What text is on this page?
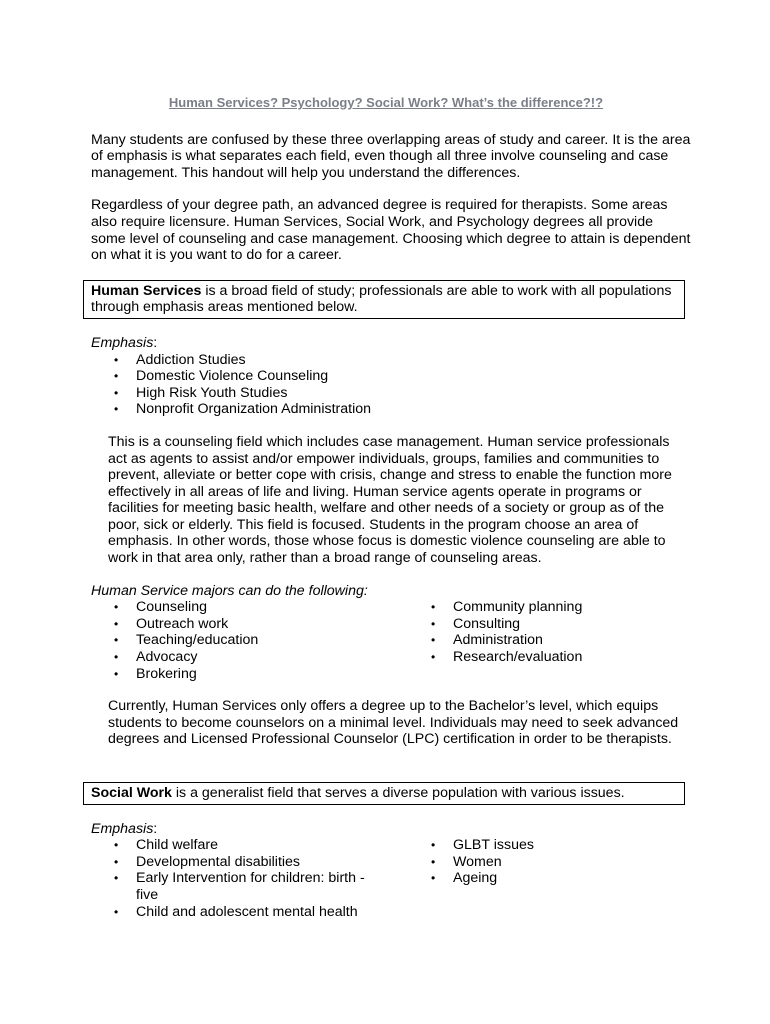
Human Services? Psychology? Social Work? What’s the difference?!?

Many students are confused by these three overlapping areas of study and career. It is the area of emphasis is what separates each field, even though all three involve counseling and case management. This handout will help you understand the differences.

Regardless of your degree path, an advanced degree is required for therapists. Some areas also require licensure. Human Services, Social Work, and Psychology degrees all provide some level of counseling and case management. Choosing which degree to attain is dependent on what it is you want to do for a career.

Human Services is a broad field of study; professionals are able to work with all populations through emphasis areas mentioned below.

Emphasis:

• Addiction Studies
• Domestic Violence Counseling
• High Risk Youth Studies
• Nonprofit Organization Administration

This is a counseling field which includes case management. Human service professionals act as agents to assist and/or empower individuals, groups, families and communities to prevent, alleviate or better cope with crisis, change and stress to enable the function more effectively in all areas of life and living. Human service agents operate in programs or facilities for meeting basic health, welfare and other needs of a society or group as of the poor, sick or elderly. This field is focused. Students in the program choose an area of emphasis. In other words, those whose focus is domestic violence counseling are able to work in that area only, rather than a broad range of counseling areas.

Human Service majors can do the following:

• Counseling
• Outreach work
• Teaching/education
• Advocacy
• Brokering
• Community planning
• Consulting
• Administration
• Research/evaluation

Currently, Human Services only offers a degree up to the Bachelor’s level, which equips students to become counselors on a minimal level. Individuals may need to seek advanced degrees and Licensed Professional Counselor (LPC) certification in order to be therapists.

Social Work is a generalist field that serves a diverse population with various issues.

Emphasis:

• Child welfare
• Developmental disabilities
• Early Intervention for children: birth - five
• Child and adolescent mental health
• GLBT issues
• Women
• Ageing
